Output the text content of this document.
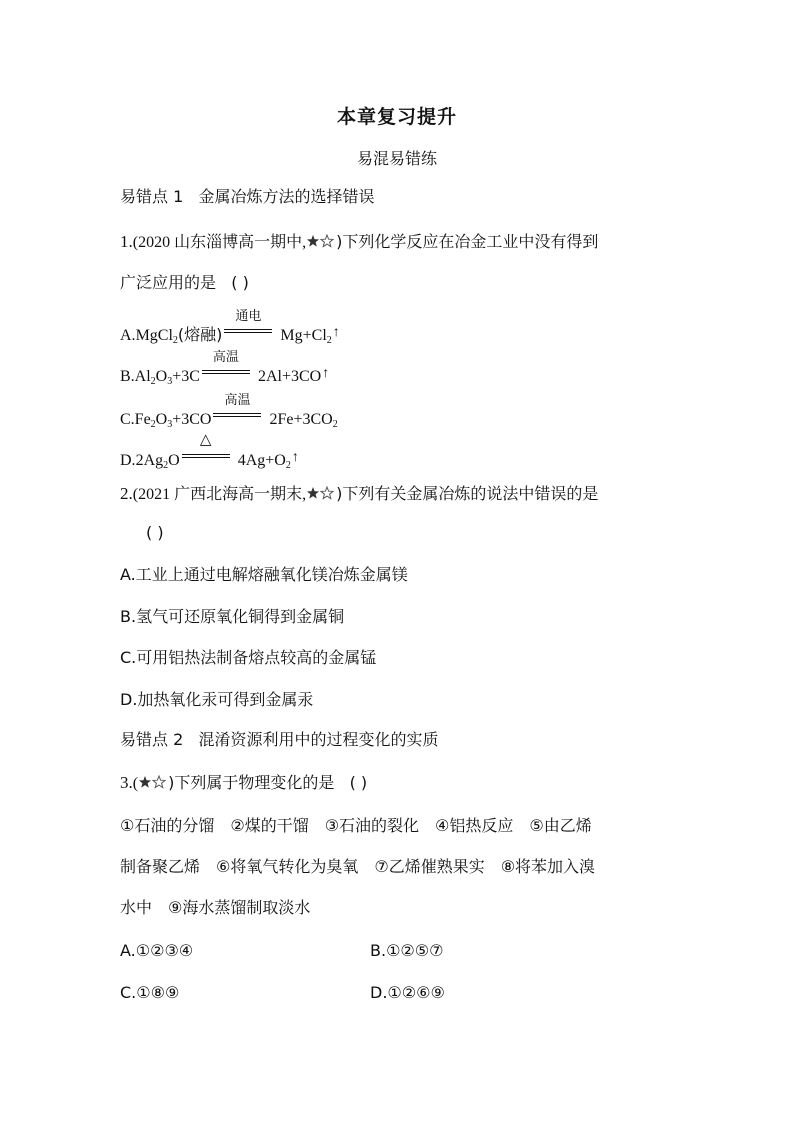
本章复习提升
易混易错练
易错点 1 金属冶炼方法的选择错误
1.(2020 山东淄博高一期中, )下列化学反应在冶金工业中没有得到
广泛应用的是 ( )
A.MgCl$_2$(熔融)
通电
$Mg+Cl_2↑$
$B.Al_2O_3+3C$
高温
2Al+3CO↑
$C.Fe_2O_3+3CO$
高温
$2Fe+3CO_2$
$D.2Ag_2O$
△
$4Ag+O_2↑$
2.(2021 广西北海高一期末, )下列有关金属冶炼的说法中错误的是
( )
A.工业上通过电解熔融氧化镁冶炼金属镁
B.氢气可还原氧化铜得到金属铜
C.可用铝热法制备熔点较高的金属锰
D.加热氧化汞可得到金属汞
易错点 2 混淆资源利用中的过程变化的实质
3.( )下列属于物理变化的是 ( )
①石油的分馏　②煤的干馏　③石油的裂化　④铝热反应　⑤由乙烯
制备聚乙烯　⑥将氧气转化为臭氧　⑦乙烯催熟果实　⑧将苯加入溴
水中　⑨海水蒸馏制取淡水
A.①②③④	B.①②⑤⑦
C.①⑧⑨	D.①②⑥⑨
